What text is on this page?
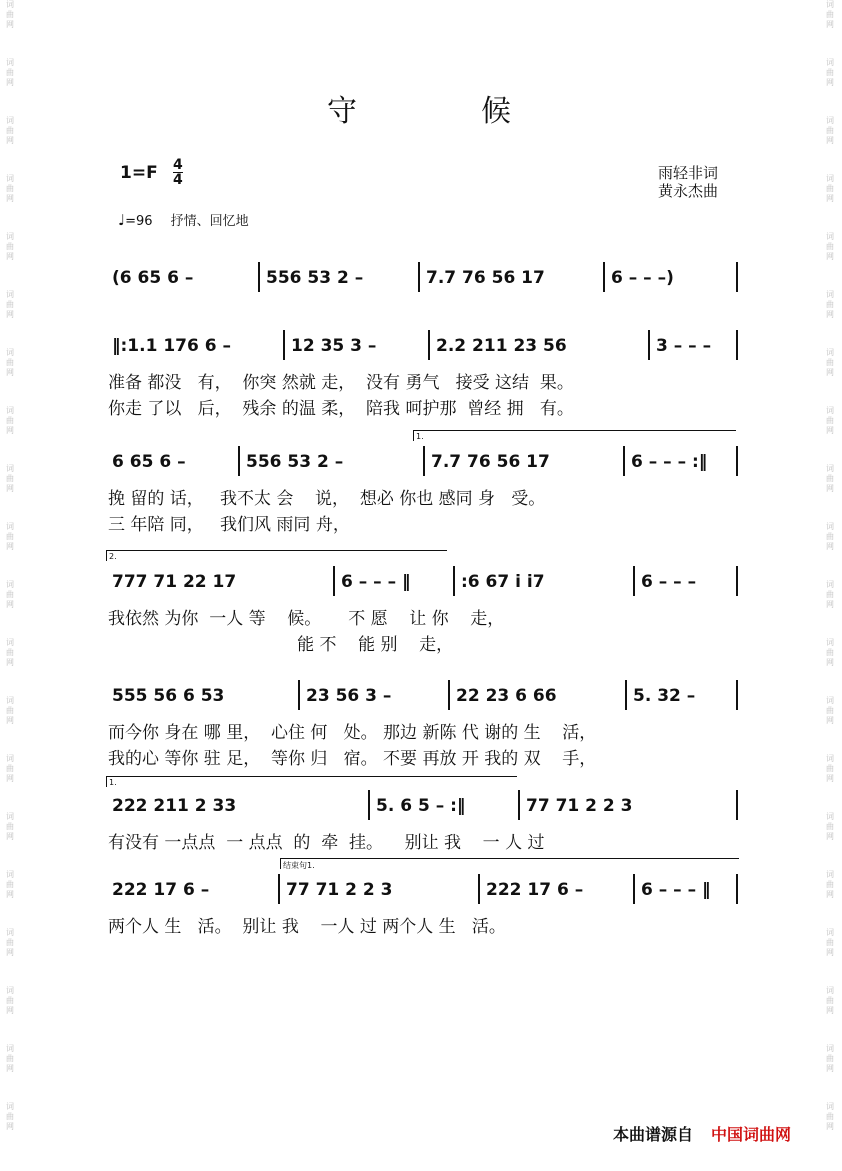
词曲网
词曲网
词曲网
词曲网
词曲网
词曲网
词曲网
词曲网
词曲网
词曲网
词曲网
词曲网
词曲网
词曲网
词曲网
词曲网
词曲网
词曲网
词曲网
词曲网
词曲网
词曲网
词曲网
词曲网
词曲网
词曲网
词曲网
词曲网
词曲网
词曲网
词曲网
词曲网
词曲网
词曲网
词曲网
词曲网
词曲网
词曲网
词曲网
词曲网
守	候
1=F 4
4	雨轻非词
黄永杰曲
♩=96 抒情、回忆地
(6 65 6 –	556 53 2 –	7.7 76 56 17	6 – – –)
‖:1.1 176 6 –	12 35 3 –	2.2 211 23 56	3 – – –
准备 都没   有，  你突 然就 走，  没有 勇气   接受 这结  果。
你走 了以   后，  残余 的温 柔，  陪我 呵护那  曾经 拥   有。
6 65 6 –	556 53 2 –	7.7 76 56 17	6 – – – :‖
挽 留的 话，   我不太 会    说，  想必 你也 感同 身   受。
三 年陪 同，   我们风 雨同 舟，
1.
777 71 22 17	6 – – – ‖	:6 67 i i7	6 – – –
我依然 为你  一人 等    候。     不 愿    让 你    走，
能 不    能 别    走，
2.
555 56 6 53	23 56 3 –	22 23 6 66	5. 32 –
而今你 身在 哪 里，  心住 何   处。 那边 新陈 代 谢的 生    活，
我的心 等你 驻 足，  等你 归   宿。 不要 再放 开 我的 双    手，
222 211 2 33	5. 6 5 – :‖	77 71 2 2 3
有没有 一点点  一 点点  的  牵  挂。    别让 我    一 人 过
1.
222 17 6 –	77 71 2 2 3	222 17 6 –	6 – – – ‖
两个人 生   活。  别让 我    一人 过 两个人 生   活。
结束句1.
本曲谱源自 中国词曲网
